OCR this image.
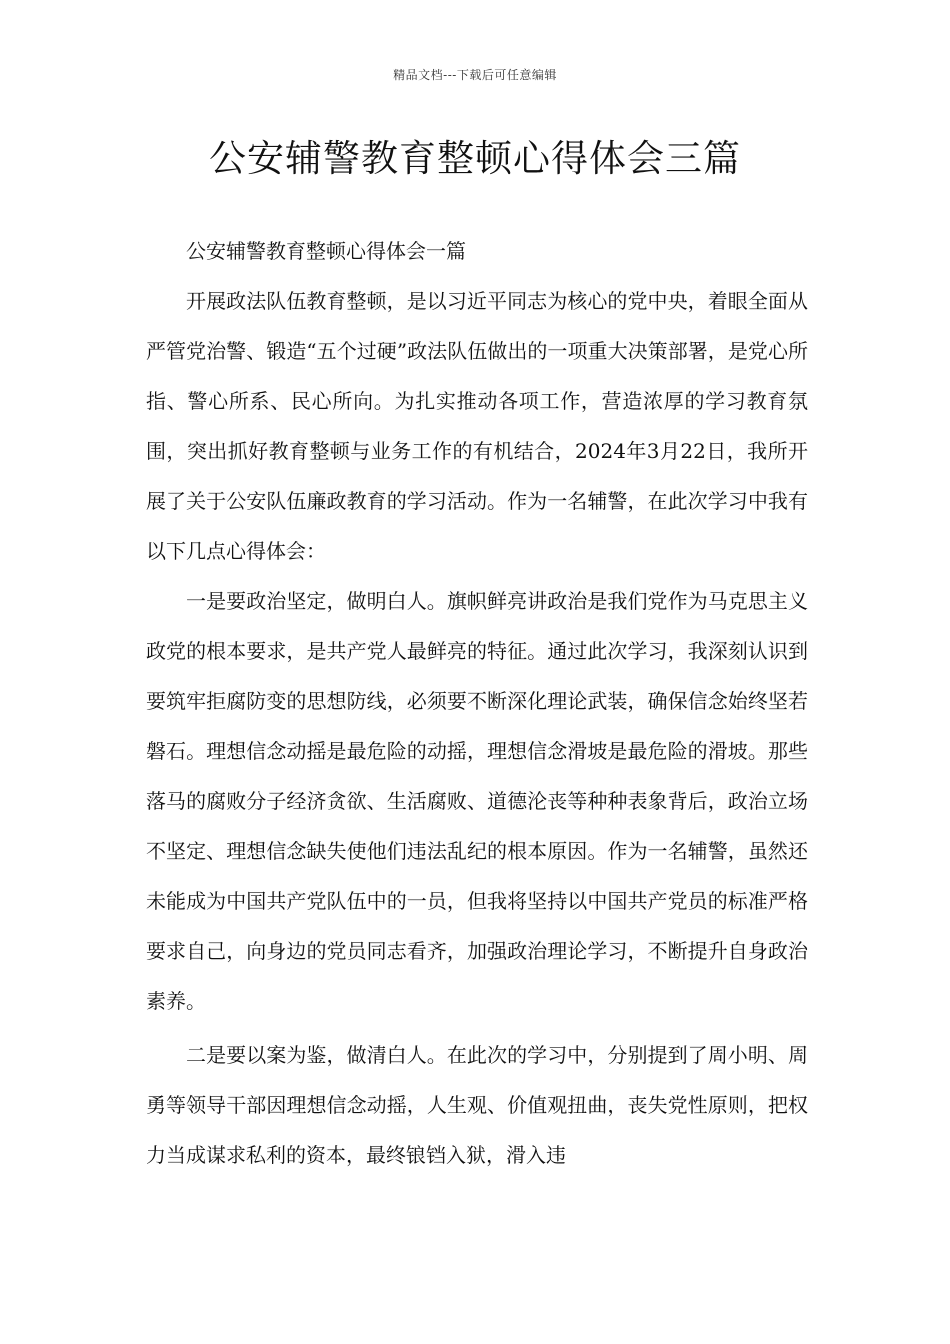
精品文档---下载后可任意编辑
公安辅警教育整顿心得体会三篇

公安辅警教育整顿心得体会一篇

开展政法队伍教育整顿，是以习近平同志为核心的党中央，着眼全面从严管党治警、锻造“五个过硬”政法队伍做出的一项重大决策部署，是党心所指、警心所系、民心所向。为扎实推动各项工作，营造浓厚的学习教育氛围，突出抓好教育整顿与业务工作的有机结合，2024年3月22日，我所开展了关于公安队伍廉政教育的学习活动。作为一名辅警，在此次学习中我有以下几点心得体会：

一是要政治坚定，做明白人。旗帜鲜亮讲政治是我们党作为马克思主义政党的根本要求，是共产党人最鲜亮的特征。通过此次学习，我深刻认识到要筑牢拒腐防变的思想防线，必须要不断深化理论武装，确保信念始终坚若磐石。理想信念动摇是最危险的动摇，理想信念滑坡是最危险的滑坡。那些落马的腐败分子经济贪欲、生活腐败、道德沦丧等种种表象背后，政治立场不坚定、理想信念缺失使他们违法乱纪的根本原因。作为一名辅警，虽然还未能成为中国共产党队伍中的一员，但我将坚持以中国共产党员的标准严格要求自己，向身边的党员同志看齐，加强政治理论学习，不断提升自身政治素养。

二是要以案为鉴，做清白人。在此次的学习中，分别提到了周小明、周勇等领导干部因理想信念动摇，人生观、价值观扭曲，丧失党性原则，把权力当成谋求私利的资本，最终锒铛入狱，滑入违
